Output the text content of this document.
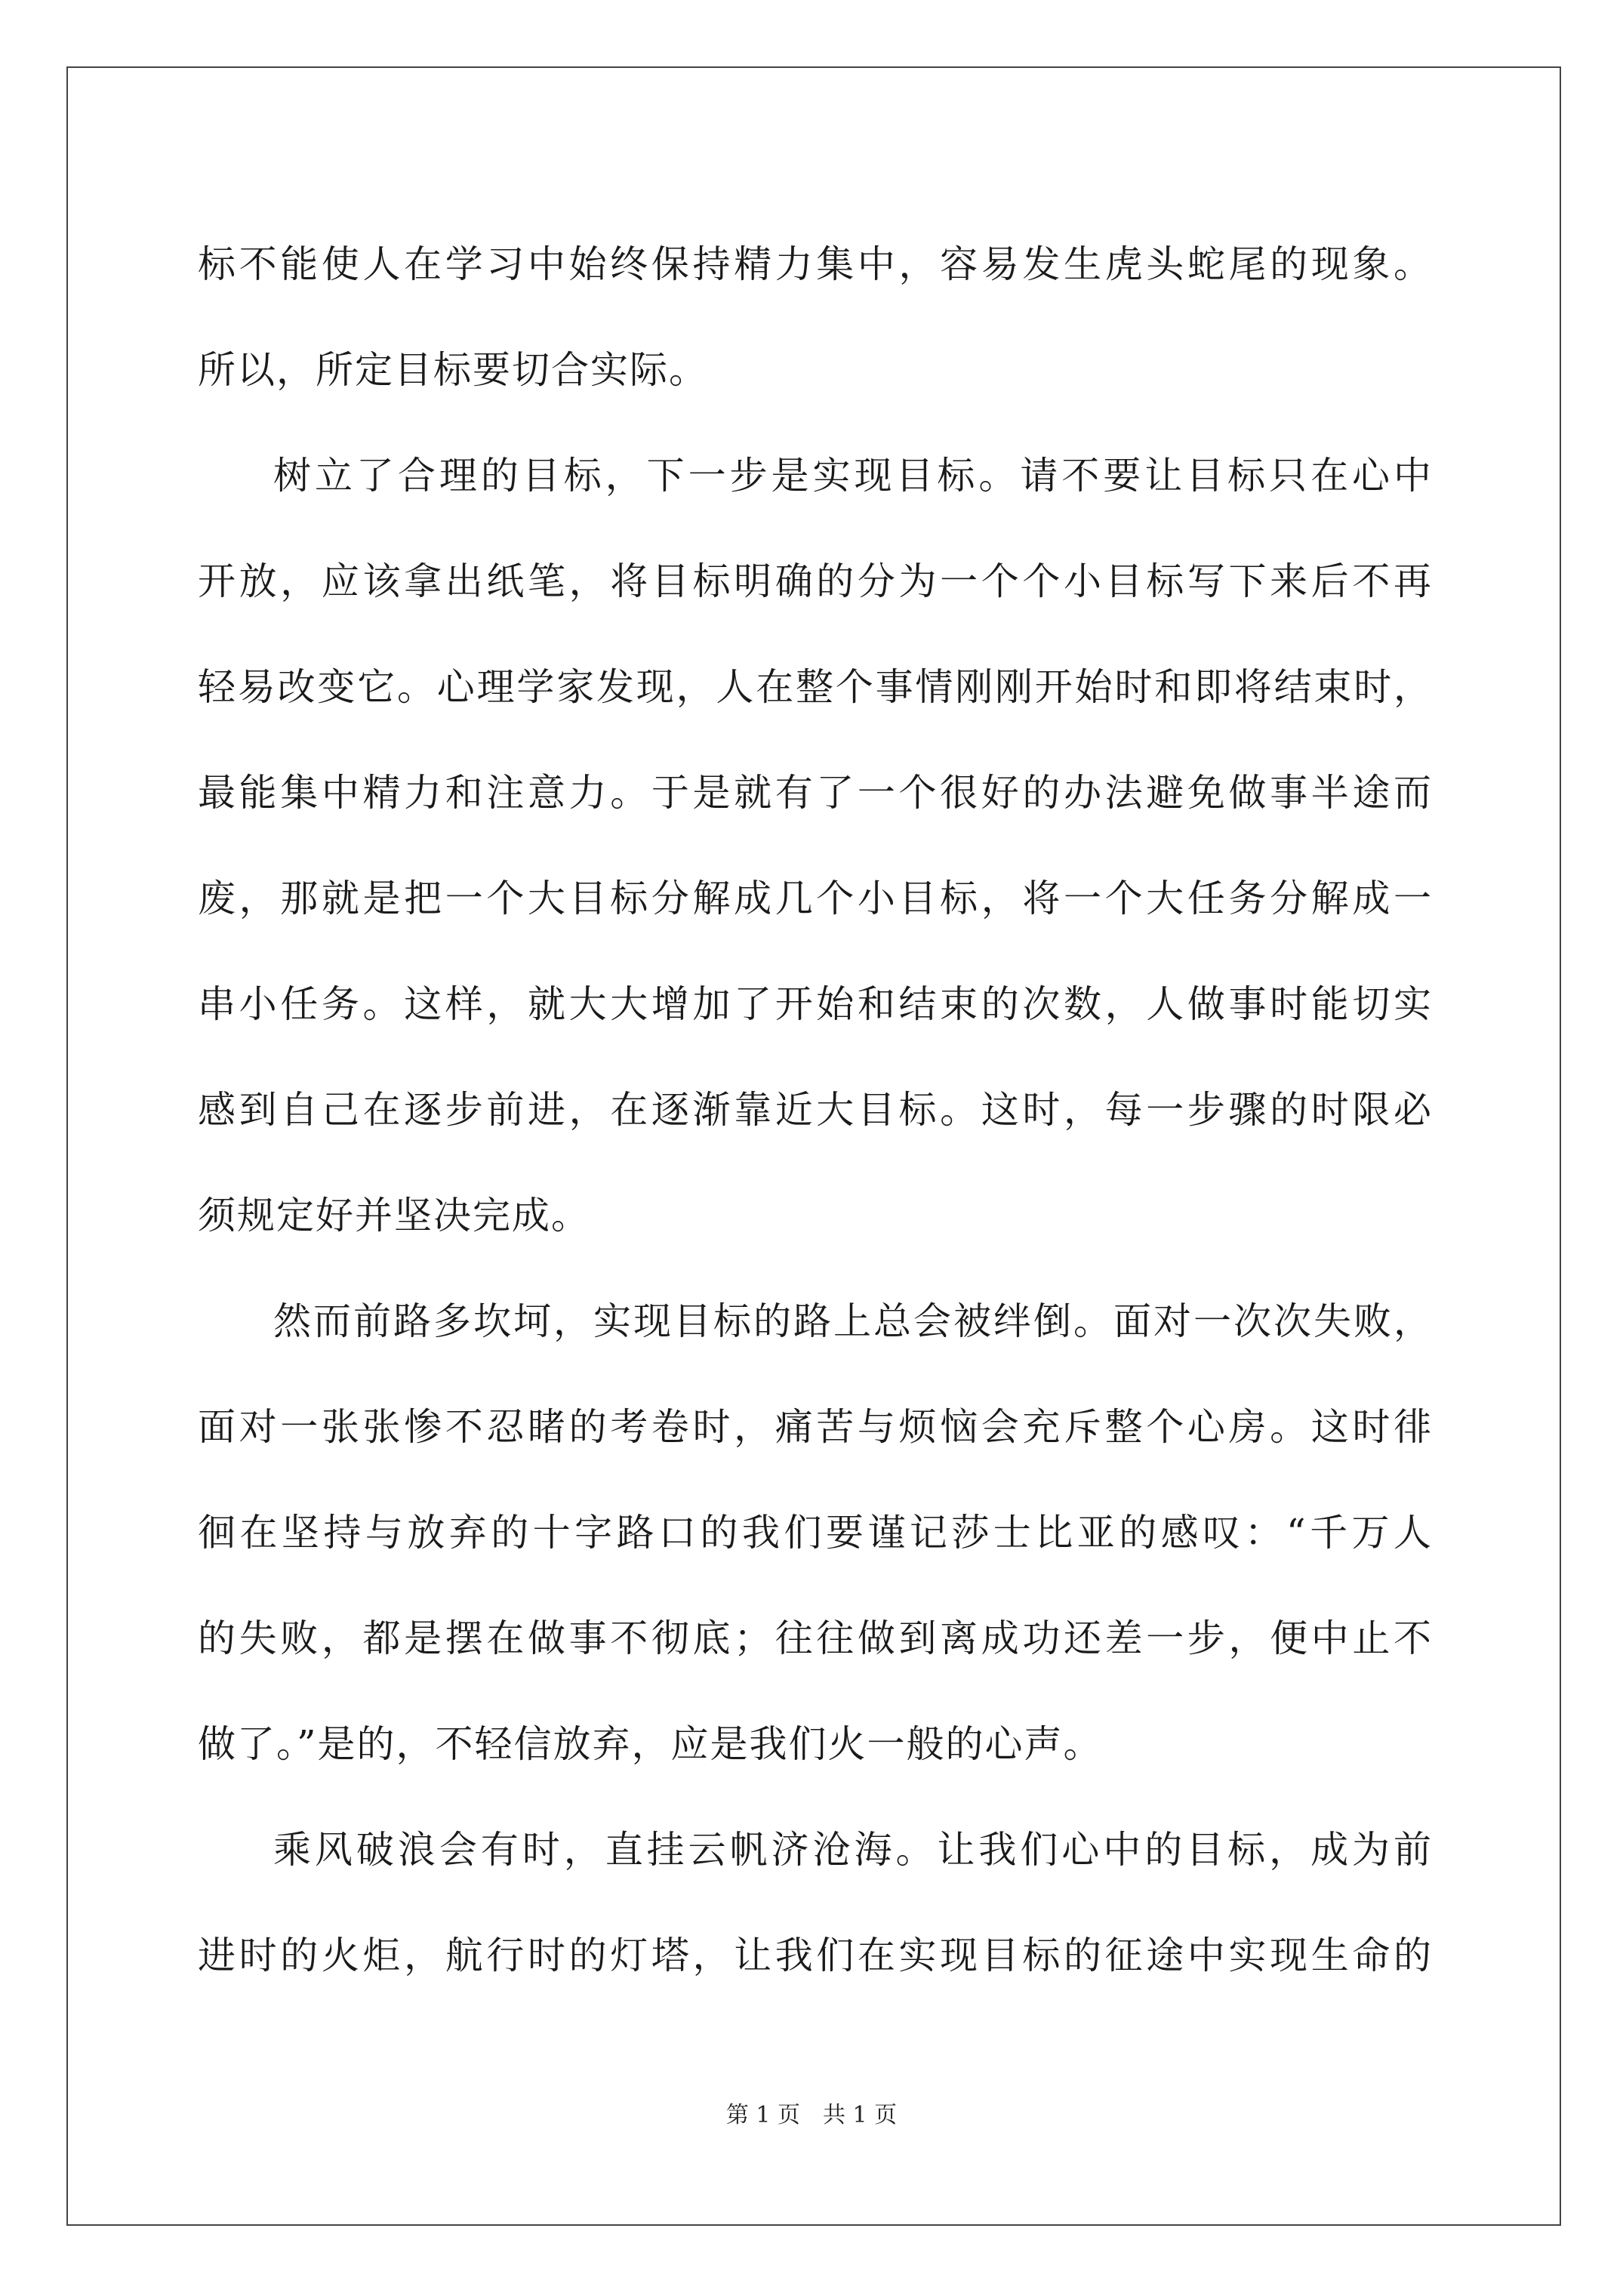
标不能使人在学习中始终保持精力集中，容易发生虎头蛇尾的现象。
所以，所定目标要切合实际。
树立了合理的目标，下一步是实现目标。请不要让目标只在心中
开放，应该拿出纸笔，将目标明确的分为一个个小目标写下来后不再
轻易改变它。心理学家发现，人在整个事情刚刚开始时和即将结束时，
最能集中精力和注意力。于是就有了一个很好的办法避免做事半途而
废，那就是把一个大目标分解成几个小目标，将一个大任务分解成一
串小任务。这样，就大大增加了开始和结束的次数，人做事时能切实
感到自己在逐步前进，在逐渐靠近大目标。这时，每一步骤的时限必
须规定好并坚决完成。
然而前路多坎坷，实现目标的路上总会被绊倒。面对一次次失败，
面对一张张惨不忍睹的考卷时，痛苦与烦恼会充斥整个心房。这时徘
徊在坚持与放弃的十字路口的我们要谨记莎士比亚的感叹：“千万人
的失败，都是摆在做事不彻底；往往做到离成功还差一步，便中止不
做了。”是的，不轻信放弃，应是我们火一般的心声。
乘风破浪会有时，直挂云帆济沧海。让我们心中的目标，成为前
进时的火炬，航行时的灯塔，让我们在实现目标的征途中实现生命的
第 1 页 共 1 页
